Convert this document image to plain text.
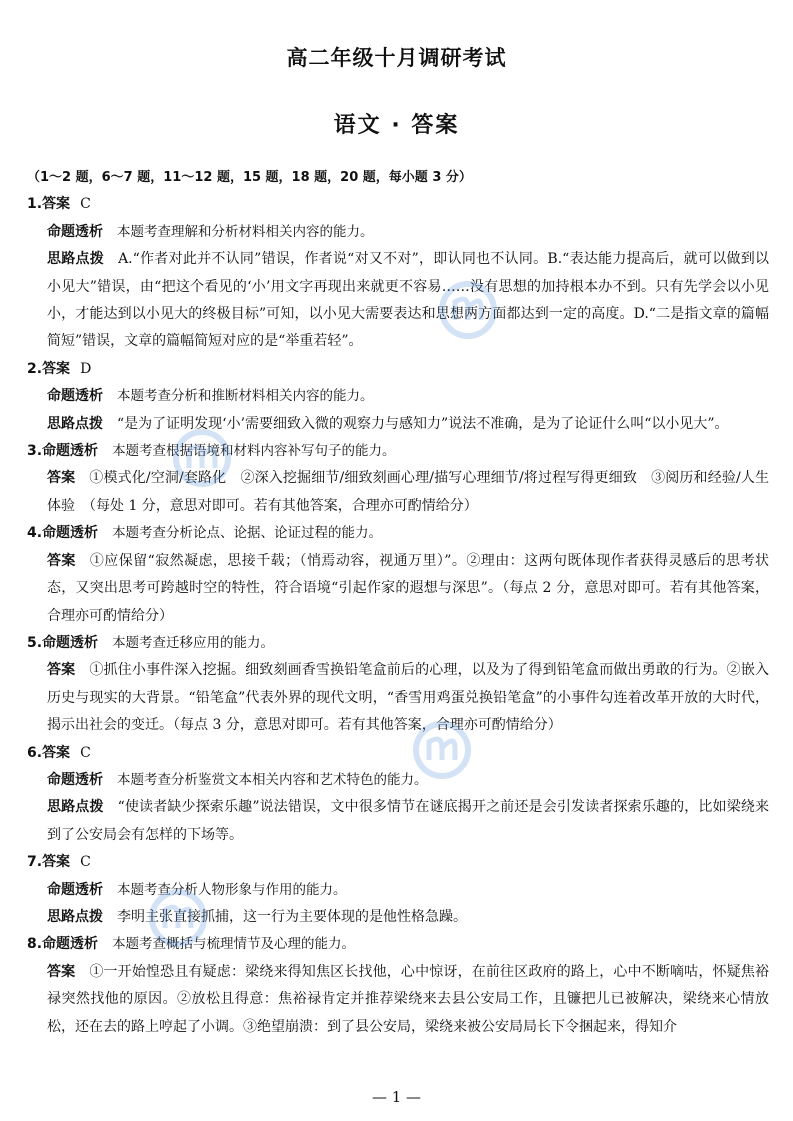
高二年级十月调研考试
语文 · 答案
（1～2 题，6～7 题，11～12 题，15 题，18 题，20 题，每小题 3 分）
1.答案 C
命题透析 本题考查理解和分析材料相关内容的能力。
思路点拨 A.“作者对此并不认同”错误，作者说“对又不对”，即认同也不认同。B.“表达能力提高后，就可以做到以小见大”错误，由“把这个看见的‘小’用文字再现出来就更不容易……没有思想的加持根本办不到。只有先学会以小见小，才能达到以小见大的终极目标”可知，以小见大需要表达和思想两方面都达到一定的高度。D.“二是指文章的篇幅简短”错误，文章的篇幅简短对应的是“举重若轻”。
2.答案 D
命题透析 本题考查分析和推断材料相关内容的能力。
思路点拨 “是为了证明发现‘小’需要细致入微的观察力与感知力”说法不准确，是为了论证什么叫“以小见大”。
3.命题透析 本题考查根据语境和材料内容补写句子的能力。
答案 ①模式化/空洞/套路化　②深入挖掘细节/细致刻画心理/描写心理细节/将过程写得更细致　③阅历和经验/人生体验　（每处 1 分，意思对即可。若有其他答案，合理亦可酌情给分）
4.命题透析 本题考查分析论点、论据、论证过程的能力。
答案 ①应保留“寂然凝虑，思接千载；（悄焉动容，视通万里）”。②理由：这两句既体现作者获得灵感后的思考状态，又突出思考可跨越时空的特性，符合语境“引起作家的遐想与深思”。（每点 2 分，意思对即可。若有其他答案，合理亦可酌情给分）
5.命题透析 本题考查迁移应用的能力。
答案 ①抓住小事件深入挖掘。细致刻画香雪换铅笔盒前后的心理，以及为了得到铅笔盒而做出勇敢的行为。②嵌入历史与现实的大背景。“铅笔盒”代表外界的现代文明，“香雪用鸡蛋兑换铅笔盒”的小事件勾连着改革开放的大时代，揭示出社会的变迁。（每点 3 分，意思对即可。若有其他答案，合理亦可酌情给分）
6.答案 C
命题透析 本题考查分析鉴赏文本相关内容和艺术特色的能力。
思路点拨 “使读者缺少探索乐趣”说法错误，文中很多情节在谜底揭开之前还是会引发读者探索乐趣的，比如梁绕来到了公安局会有怎样的下场等。
7.答案 C
命题透析 本题考查分析人物形象与作用的能力。
思路点拨 李明主张直接抓捕，这一行为主要体现的是他性格急躁。
8.命题透析 本题考查概括与梳理情节及心理的能力。
答案 ①一开始惶恐且有疑虑：梁绕来得知焦区长找他，心中惊讶，在前往区政府的路上，心中不断嘀咕，怀疑焦裕禄突然找他的原因。②放松且得意：焦裕禄肯定并推荐梁绕来去县公安局工作，且镰把儿已被解决，梁绕来心情放松，还在去的路上哼起了小调。③绝望崩溃：到了县公安局，梁绕来被公安局局长下令捆起来，得知介
— 1 —
